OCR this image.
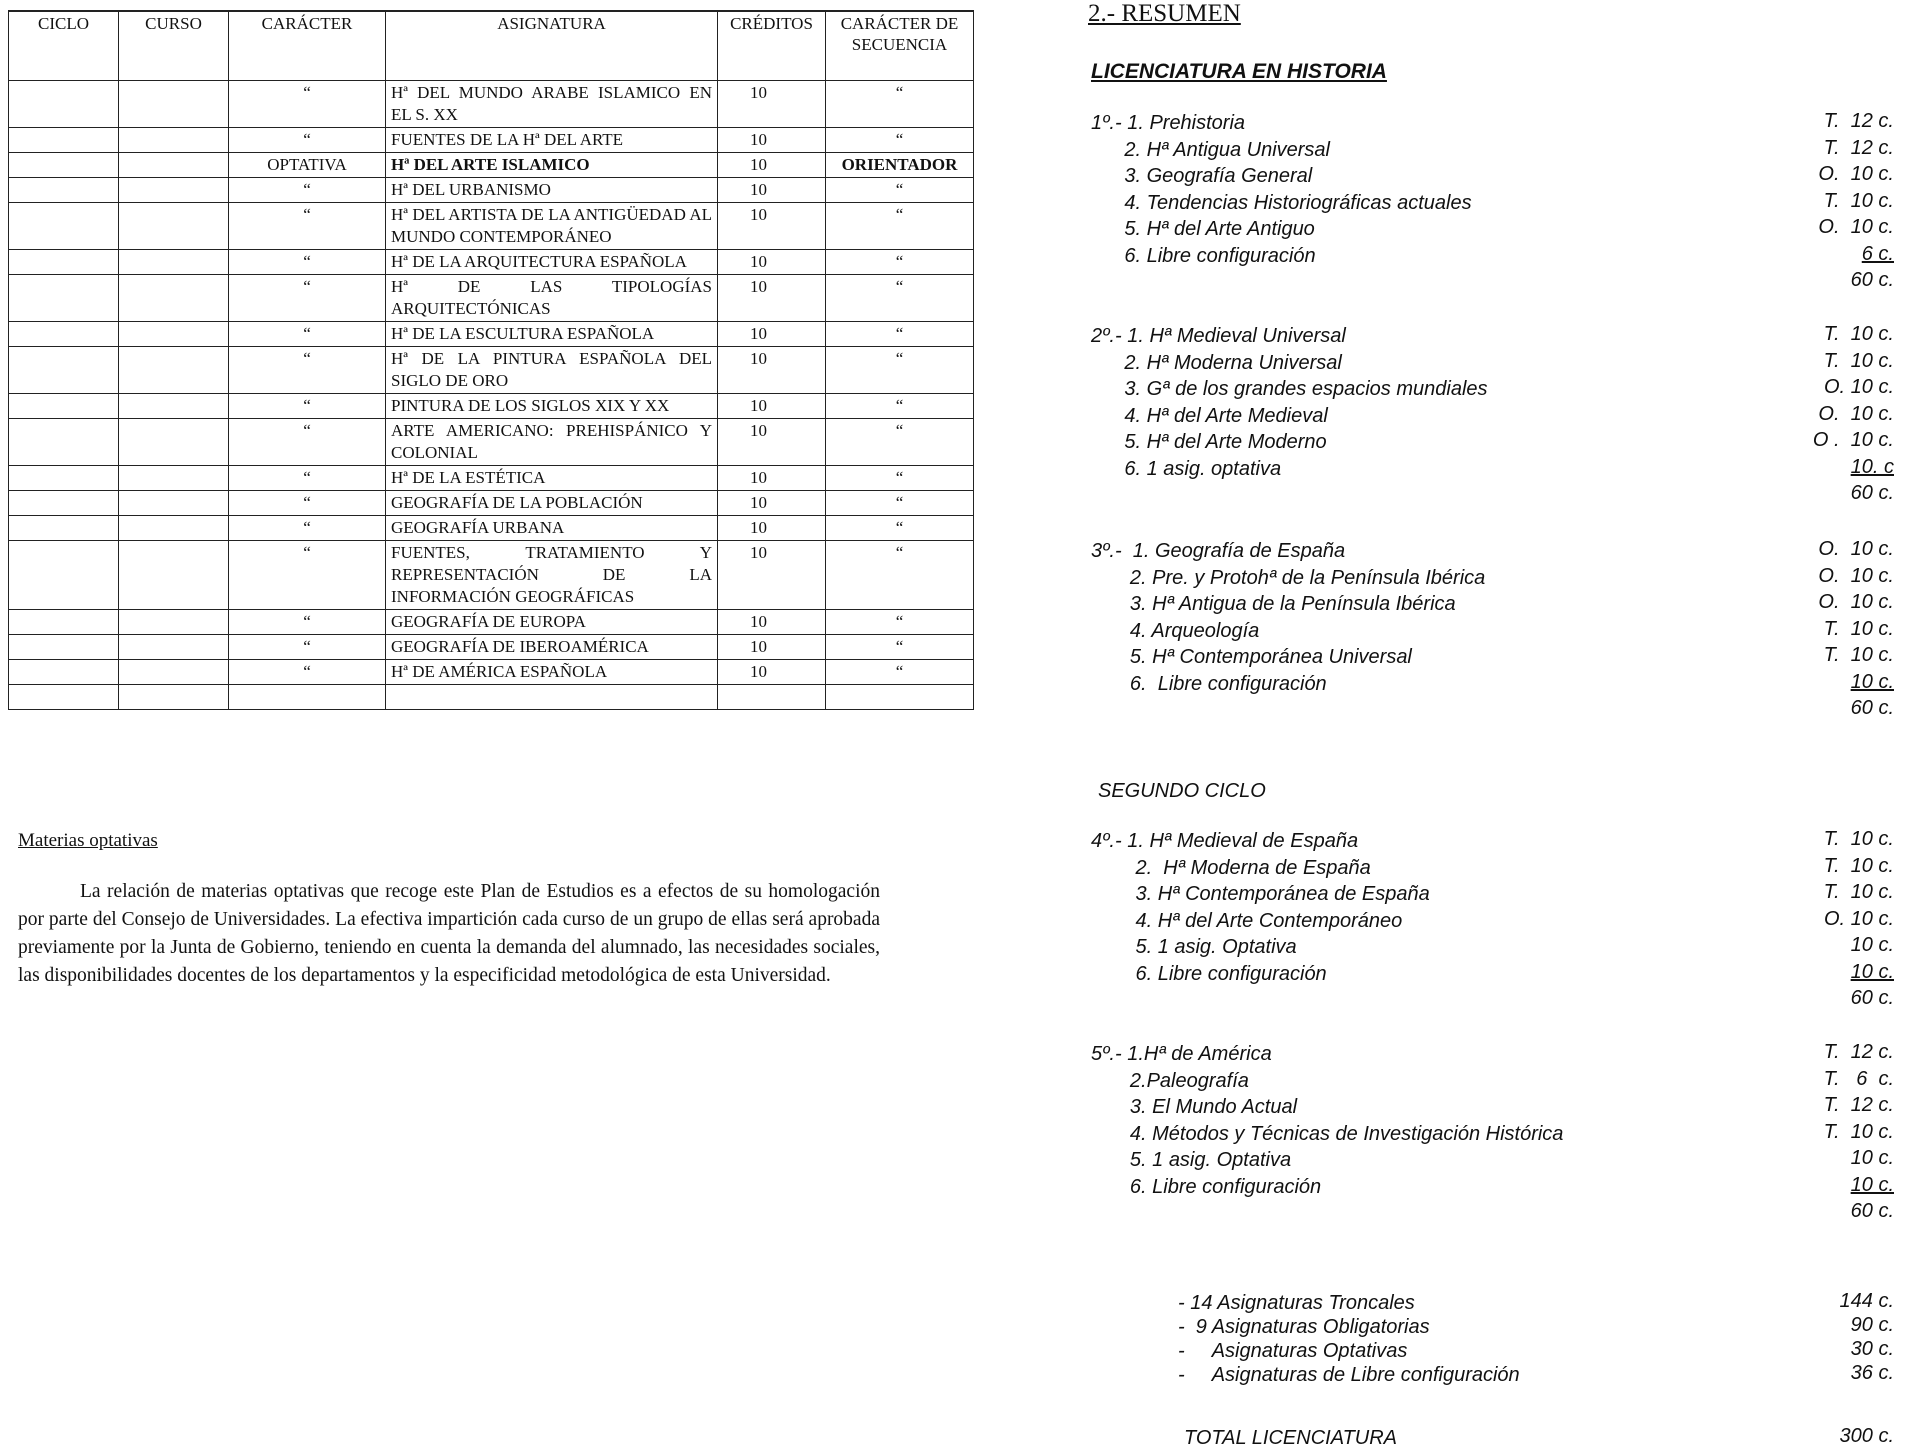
CICLO	CURSO	CARÁCTER	ASIGNATURA	CRÉDITOS	CARÁCTER DE SECUENCIA
		“	Hª DEL MUNDO ARABE ISLAMICO EN EL S. XX	10	“
		“	FUENTES DE LA Hª DEL ARTE	10	“
		OPTATIVA	Hª DEL ARTE ISLAMICO	10	ORIENTADOR
		“	Hª DEL URBANISMO	10	“
		“	Hª DEL ARTISTA DE LA ANTIGÜEDAD AL MUNDO CONTEMPORÁNEO	10	“
		“	Hª DE LA ARQUITECTURA ESPAÑOLA	10	“
		“	Hª DE LAS TIPOLOGÍAS ARQUITECTÓNICAS	10	“
		“	Hª DE LA ESCULTURA ESPAÑOLA	10	“
		“	Hª DE LA PINTURA ESPAÑOLA DEL SIGLO DE ORO	10	“
		“	PINTURA DE LOS SIGLOS XIX Y XX	10	“
		“	ARTE AMERICANO: PREHISPÁNICO Y COLONIAL	10	“
		“	Hª DE LA ESTÉTICA	10	“
		“	GEOGRAFÍA DE LA POBLACIÓN	10	“
		“	GEOGRAFÍA URBANA	10	“
		“	FUENTES, TRATAMIENTO Y REPRESENTACIÓN DE LA INFORMACIÓN GEOGRÁFICAS	10	“
		“	GEOGRAFÍA DE EUROPA	10	“
		“	GEOGRAFÍA DE IBEROAMÉRICA	10	“
		“	Hª DE AMÉRICA ESPAÑOLA	10	“

Materias optativas

La relación de materias optativas que recoge este Plan de Estudios es a efectos de su homologación por parte del Consejo de Universidades. La efectiva impartición cada curso de un grupo de ellas será aprobada previamente por la Junta de Gobierno, teniendo en cuenta la demanda del alumnado, las necesidades sociales, las disponibilidades docentes de los departamentos y la especificidad metodológica de esta Universidad.

2.- RESUMEN
LICENCIATURA EN HISTORIA
SEGUNDO CICLO
1º.- 1. Prehistoria	T.  12 c.
2. Hª Antigua Universal	T.  12 c.
3. Geografía General	O.  10 c.
4. Tendencias Historiográficas actuales	T.  10 c.
5. Hª del Arte Antiguo	O.  10 c.
6. Libre configuración	6 c.
60 c.
2º.- 1. Hª Medieval Universal	T.  10 c.
2. Hª Moderna Universal	T.  10 c.
3. Gª de los grandes espacios mundiales	O. 10 c.
4. Hª del Arte Medieval	O.  10 c.
5. Hª del Arte Moderno	O .  10 c.
6. 1 asig. optativa	10. c
60 c.
3º.-  1. Geografía de España	O.  10 c.
2. Pre. y Protohª de la Península Ibérica	O.  10 c.
3. Hª Antigua de la Península Ibérica	O.  10 c.
4. Arqueología	T.  10 c.
5. Hª Contemporánea Universal	T.  10 c.
6.  Libre configuración	10 c.
60 c.
4º.- 1. Hª Medieval de España	T.  10 c.
2.  Hª Moderna de España	T.  10 c.
3. Hª Contemporánea de España	T.  10 c.
4. Hª del Arte Contemporáneo	O. 10 c.
5. 1 asig. Optativa	10 c.
6. Libre configuración	10 c.
60 c.
5º.- 1.Hª de América	T.  12 c.
2.Paleografía	T.   6  c.
3. El Mundo Actual	T.  12 c.
4. Métodos y Técnicas de Investigación Histórica	T.  10 c.
5. 1 asig. Optativa	10 c.
6. Libre configuración	10 c.
60 c.
- 14 Asignaturas Troncales	144 c.
-  9 Asignaturas Obligatorias	90 c.
-     Asignaturas Optativas	30 c.
-     Asignaturas de Libre configuración	36 c.
TOTAL LICENCIATURA	300 c.
